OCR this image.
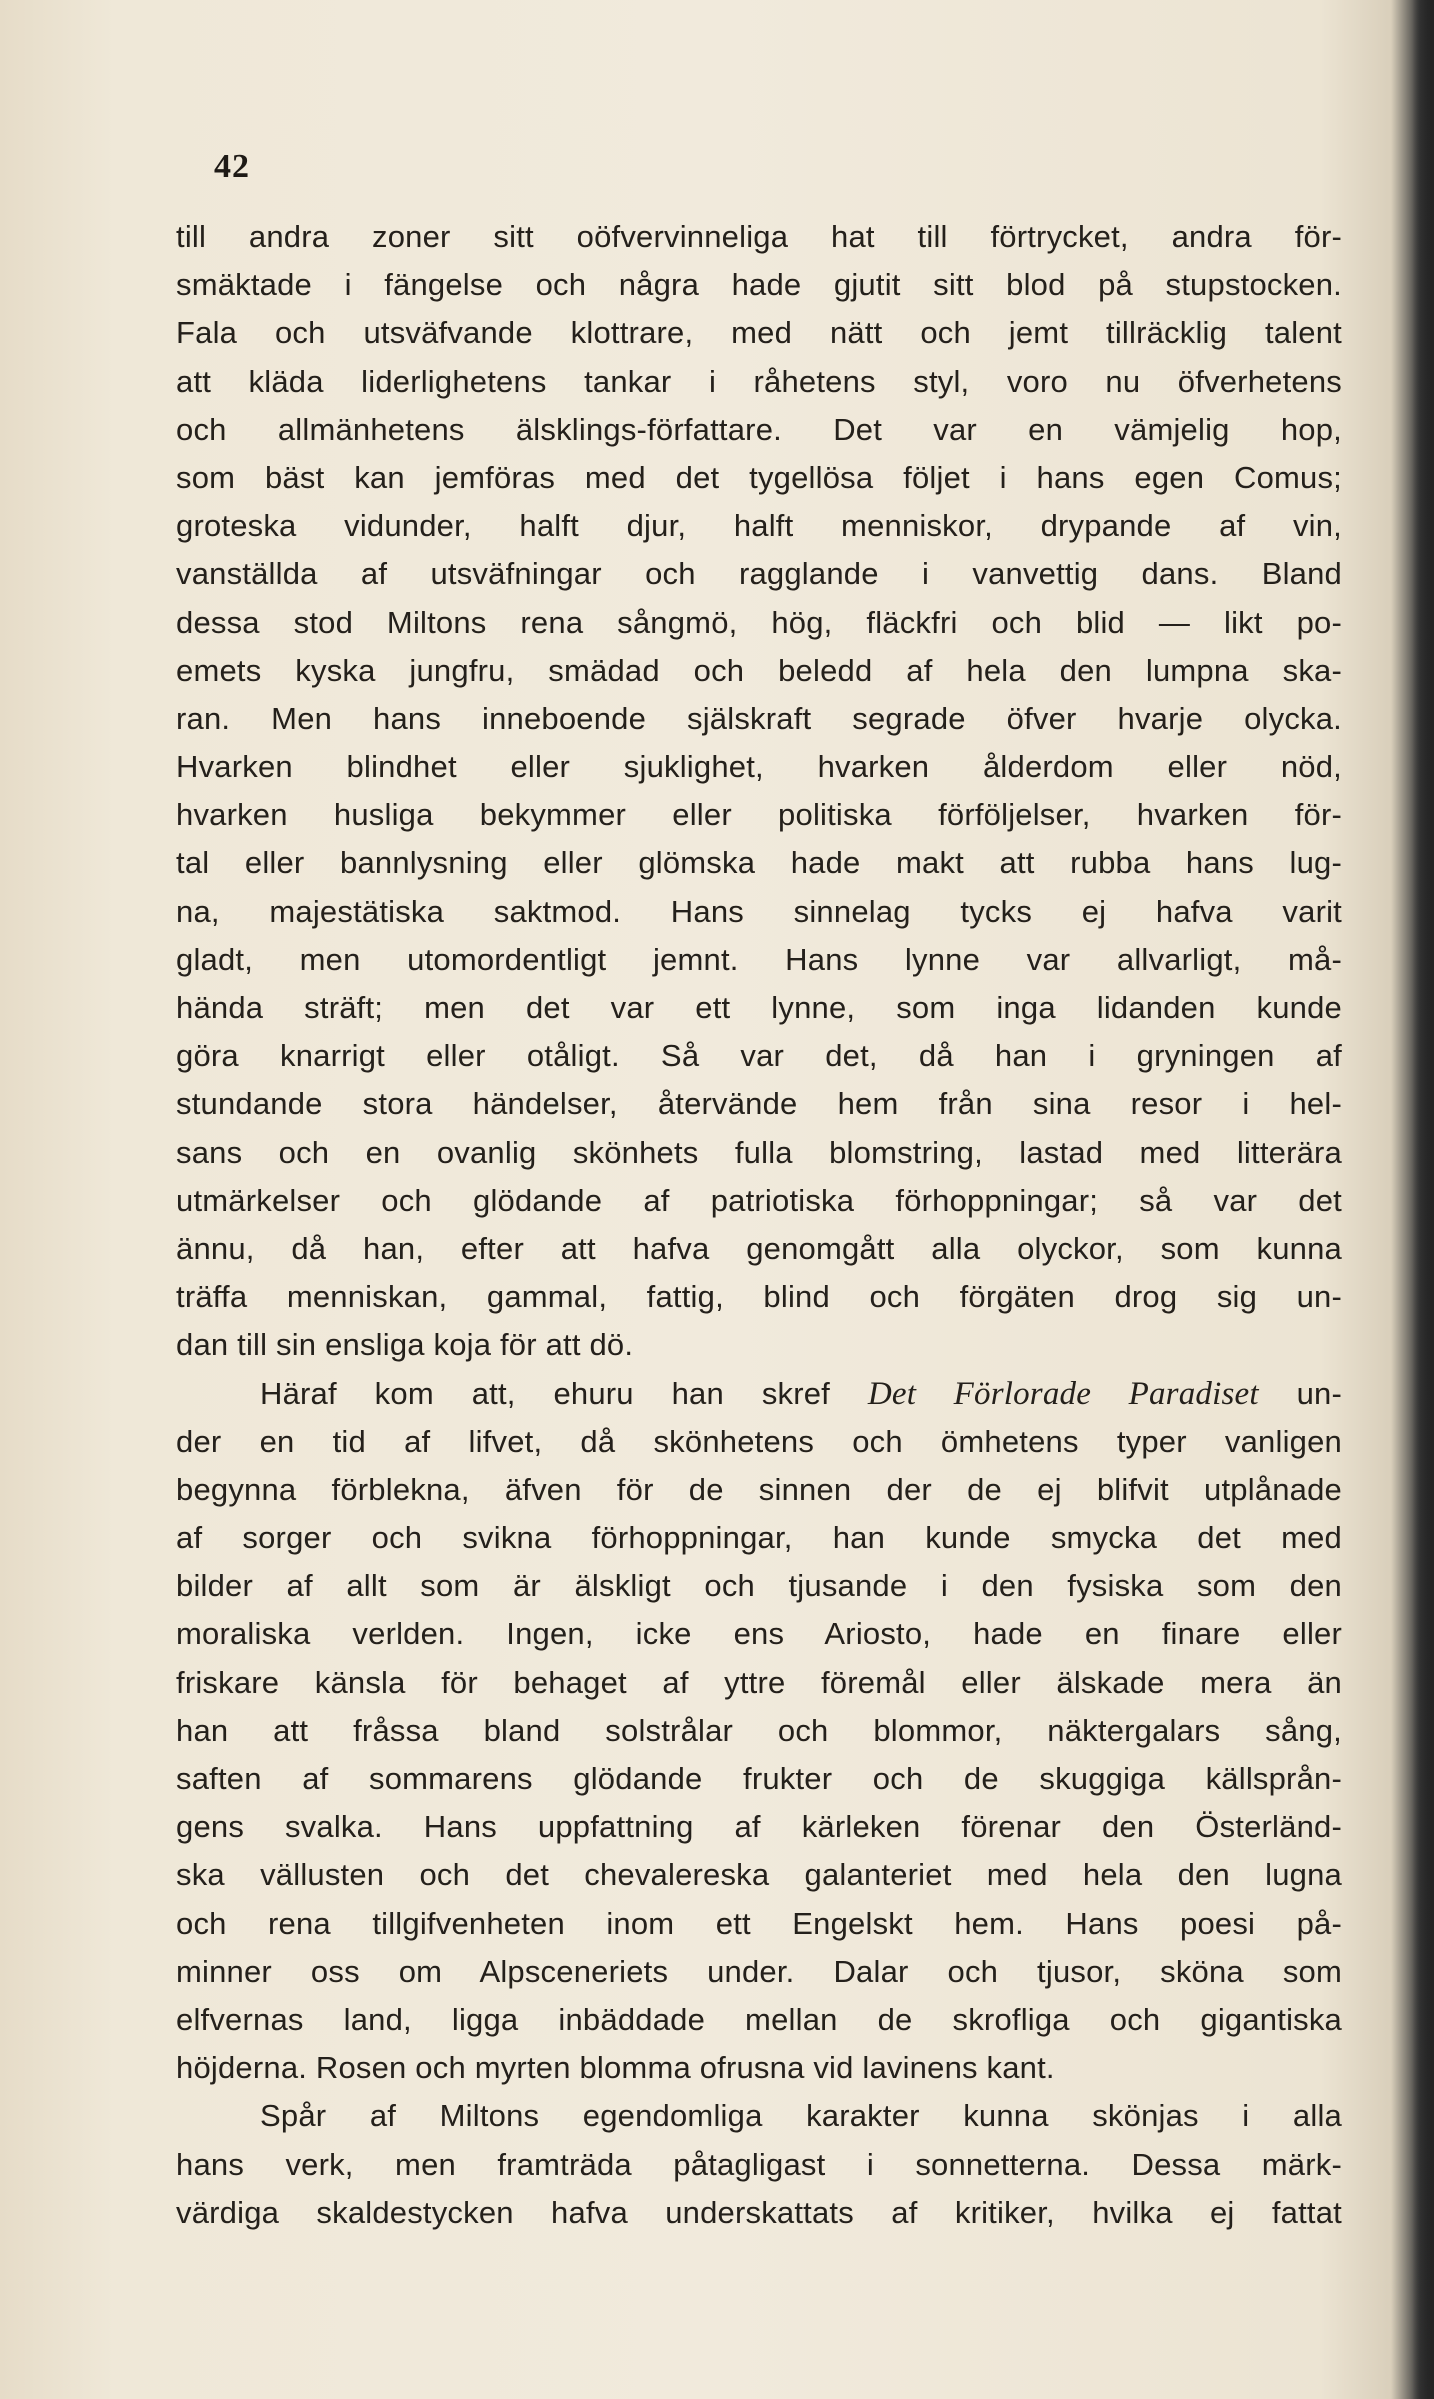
42
till andra zoner sitt oöfvervinneliga hat till förtrycket, andra för-
smäktade i fängelse och några hade gjutit sitt blod på stupstocken.
Fala och utsväfvande klottrare, med nätt och jemt tillräcklig talent
att kläda liderlighetens tankar i råhetens styl, voro nu öfverhetens
och allmänhetens älsklings-författare. Det var en vämjelig hop,
som bäst kan jemföras med det tygellösa följet i hans egen Comus;
groteska vidunder, halft djur, halft menniskor, drypande af vin,
vanställda af utsväfningar och ragglande i vanvettig dans. Bland
dessa stod Miltons rena sångmö, hög, fläckfri och blid — likt po-
emets kyska jungfru, smädad och beledd af hela den lumpna ska-
ran. Men hans inneboende själskraft segrade öfver hvarje olycka.
Hvarken blindhet eller sjuklighet, hvarken ålderdom eller nöd,
hvarken husliga bekymmer eller politiska förföljelser, hvarken för-
tal eller bannlysning eller glömska hade makt att rubba hans lug-
na, majestätiska saktmod. Hans sinnelag tycks ej hafva varit
gladt, men utomordentligt jemnt. Hans lynne var allvarligt, må-
hända sträft; men det var ett lynne, som inga lidanden kunde
göra knarrigt eller otåligt. Så var det, då han i gryningen af
stundande stora händelser, återvände hem från sina resor i hel-
sans och en ovanlig skönhets fulla blomstring, lastad med litterära
utmärkelser och glödande af patriotiska förhoppningar; så var det
ännu, då han, efter att hafva genomgått alla olyckor, som kunna
träffa menniskan, gammal, fattig, blind och förgäten drog sig un-
dan till sin ensliga koja för att dö.
Häraf kom att, ehuru han skref Det Förlorade Paradiset un-
der en tid af lifvet, då skönhetens och ömhetens typer vanligen
begynna förblekna, äfven för de sinnen der de ej blifvit utplånade
af sorger och svikna förhoppningar, han kunde smycka det med
bilder af allt som är älskligt och tjusande i den fysiska som den
moraliska verlden. Ingen, icke ens Ariosto, hade en finare eller
friskare känsla för behaget af yttre föremål eller älskade mera än
han att fråssa bland solstrålar och blommor, näktergalars sång,
saften af sommarens glödande frukter och de skuggiga källsprån-
gens svalka. Hans uppfattning af kärleken förenar den Österländ-
ska vällusten och det chevalereska galanteriet med hela den lugna
och rena tillgifvenheten inom ett Engelskt hem. Hans poesi på-
minner oss om Alpsceneriets under. Dalar och tjusor, sköna som
elfvernas land, ligga inbäddade mellan de skrofliga och gigantiska
höjderna. Rosen och myrten blomma ofrusna vid lavinens kant.
Spår af Miltons egendomliga karakter kunna skönjas i alla
hans verk, men framträda påtagligast i sonnetterna. Dessa märk-
värdiga skaldestycken hafva underskattats af kritiker, hvilka ej fattat
